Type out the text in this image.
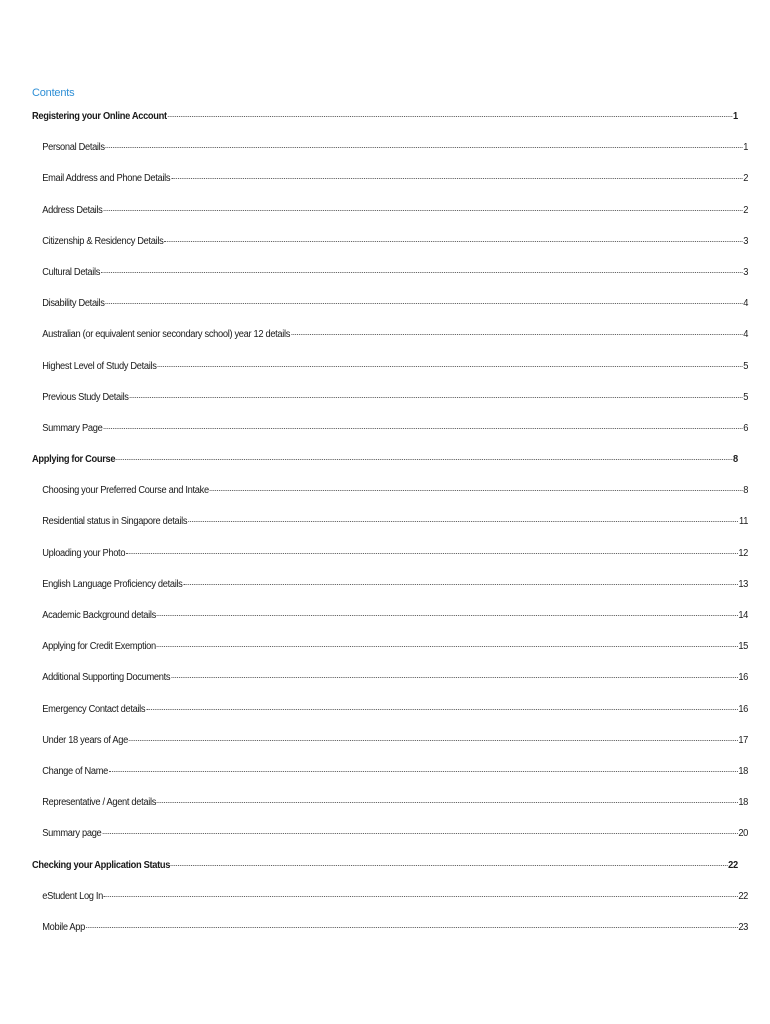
Contents
Registering your Online Account	1
Personal Details	1
Email Address and Phone Details	2
Address Details	2
Citizenship & Residency Details	3
Cultural Details	3
Disability Details	4
Australian (or equivalent senior secondary school) year 12 details	4
Highest Level of Study Details	5
Previous Study Details	5
Summary Page	6
Applying for Course	8
Choosing your Preferred Course and Intake	8
Residential status in Singapore details	11
Uploading your Photo	12
English Language Proficiency details	13
Academic Background details	14
Applying for Credit Exemption	15
Additional Supporting Documents	16
Emergency Contact details	16
Under 18 years of Age	17
Change of Name	18
Representative / Agent details	18
Summary page	20
Checking your Application Status	22
eStudent Log In	22
Mobile App	23
